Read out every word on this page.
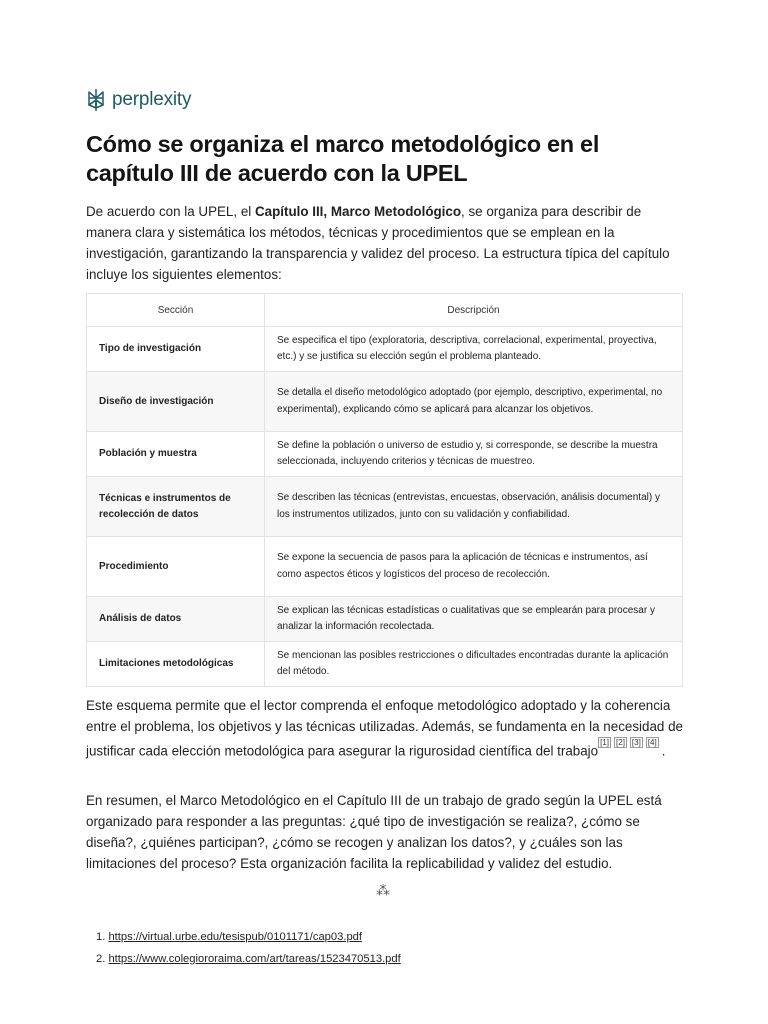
perplexity
Cómo se organiza el marco metodológico en el capítulo III de acuerdo con la UPEL

De acuerdo con la UPEL, el Capítulo III, Marco Metodológico, se organiza para describir de manera clara y sistemática los métodos, técnicas y procedimientos que se emplean en la investigación, garantizando la transparencia y validez del proceso. La estructura típica del capítulo incluye los siguientes elementos:

Sección	Descripción
Tipo de investigación	Se especifica el tipo (exploratoria, descriptiva, correlacional, experimental, proyectiva, etc.) y se justifica su elección según el problema planteado.
Diseño de investigación	Se detalla el diseño metodológico adoptado (por ejemplo, descriptivo, experimental, no experimental), explicando cómo se aplicará para alcanzar los objetivos.
Población y muestra	Se define la población o universo de estudio y, si corresponde, se describe la muestra seleccionada, incluyendo criterios y técnicas de muestreo.
Técnicas e instrumentos de recolección de datos	Se describen las técnicas (entrevistas, encuestas, observación, análisis documental) y los instrumentos utilizados, junto con su validación y confiabilidad.
Procedimiento	Se expone la secuencia de pasos para la aplicación de técnicas e instrumentos, así como aspectos éticos y logísticos del proceso de recolección.
Análisis de datos	Se explican las técnicas estadísticas o cualitativas que se emplearán para procesar y analizar la información recolectada.
Limitaciones metodológicas	Se mencionan las posibles restricciones o dificultades encontradas durante la aplicación del método.

Este esquema permite que el lector comprenda el enfoque metodológico adoptado y la coherencia entre el problema, los objetivos y las técnicas utilizadas. Además, se fundamenta en la necesidad de justificar cada elección metodológica para asegurar la rigurosidad científica del trabajo[1] [2] [3] [4].

En resumen, el Marco Metodológico en el Capítulo III de un trabajo de grado según la UPEL está organizado para responder a las preguntas: ¿qué tipo de investigación se realiza?, ¿cómo se diseña?, ¿quiénes participan?, ¿cómo se recogen y analizan los datos?, y ¿cuáles son las limitaciones del proceso? Esta organización facilita la replicabilidad y validez del estudio.

⁂
1. https://virtual.urbe.edu/tesispub/0101171/cap03.pdf
2. https://www.colegiororaima.com/art/tareas/1523470513.pdf
